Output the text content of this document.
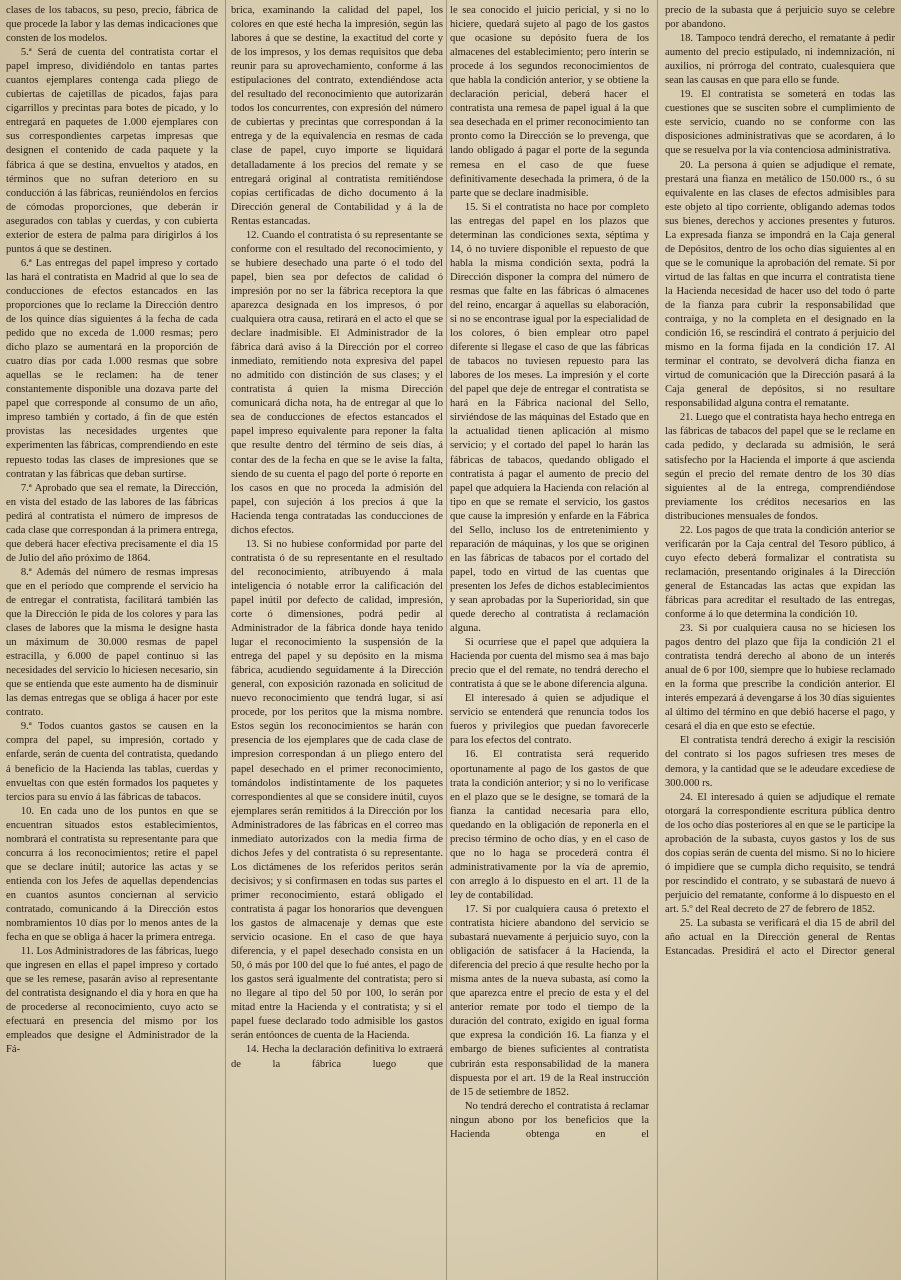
clases de los tabacos, su peso, precio, fábrica de que procede la labor y las demas indicaciones que consten de los modelos.

5.ª Será de cuenta del contratista cortar el papel impreso, dividiéndolo en tantas partes cuantos ejemplares contenga cada pliego de cubiertas de cajetillas de picados, fajas para cigarrillos y precintas para botes de picado, y lo entregará en paquetes de 1.000 ejemplares con sus correspondientes carpetas impresas que designen el contenido de cada paquete y la fábrica á que se destina, envueltos y atados, en términos que no sufran deterioro en su conducción á las fábricas, reuniéndolos en fercios de cómodas proporciones, que deberán ir asegurados con tablas y cuerdas, y con cubierta exterior de estera de palma para dirigirlos á los puntos á que se destinen.

6.ª Las entregas del papel impreso y cortado las hará el contratista en Madrid al que lo sea de conducciones de efectos estancados en las proporciones que lo reclame la Dirección dentro de los quince días siguientes á la fecha de cada pedido que no exceda de 1.000 resmas; pero dicho plazo se aumentará en la proporción de cuatro días por cada 1.000 resmas que sobre aquellas se le reclamen: ha de tener constantemente disponible una dozava parte del papel que corresponde al consumo de un año, impreso también y cortado, á fin de que estén provistas las necesidades urgentes que experimenten las fábricas, comprendiendo en este repuesto todas las clases de impresiones que se contratan y las fábricas que deban surtirse.

7.ª Aprobado que sea el remate, la Dirección, en vista del estado de las labores de las fábricas pedirá al contratista el número de impresos de cada clase que correspondan á la primera entrega, que deberá hacer efectiva precisamente el dia 15 de Julio del año próximo de 1864.

8.ª Además del número de resmas impresas que en el período que comprende el servicio ha de entregar el contratista, facilitará también las que la Dirección le pida de los colores y para las clases de labores que la misma le designe hasta un máximum de 30.000 resmas de papel estracilla, y 6.000 de papel continuo si las necesidades del servicio lo hiciesen necesario, sin que se entienda que este aumento ha de disminuir las demas entregas que se obliga á hacer por este contrato.

9.ª Todos cuantos gastos se causen en la compra del papel, su impresión, cortado y enfarde, serán de cuenta del contratista, quedando á beneficio de la Hacienda las tablas, cuerdas y envueltas con que estén formados los paquetes y tercios para su envío á las fábricas de tabacos.

10. En cada uno de los puntos en que se encuentran situados estos establecimientos, nombrará el contratista su representante para que concurra á los reconocimientos; retire el papel que se declare inútil; autorice las actas y se entienda con los Jefes de aquellas dependencias en cuantos asuntos conciernan al servicio contratado, comunicando á la Dirección estos nombramientos 10 días por lo menos antes de la fecha en que se obliga á hacer la primera entrega.

11. Los Administradores de las fábricas, luego que ingresen en ellas el papel impreso y cortado que se les remese, pasarán aviso al representante del contratista designando el dia y hora en que ha de procederse al reconocimiento, cuyo acto se efectuará en presencia del mismo por los empleados que designe el Administrador de la Fá-

brica, examinando la calidad del papel, los colores en que esté hecha la impresión, según las labores á que se destine, la exactitud del corte y de los impresos, y los demas requisitos que deba reunir para su aprovechamiento, conforme á las estipulaciones del contrato, extendiéndose acta del resultado del reconocimiento que autorizarán todos los concurrentes, con expresión del número de cubiertas y precintas que correspondan á la entrega y de la equivalencia en resmas de cada clase de papel, cuyo importe se liquidará detalladamente á los precios del remate y se entregará original al contratista remitiéndose copias certificadas de dicho documento á la Dirección general de Contabilidad y á la de Rentas estancadas.

12. Cuando el contratista ó su representante se conforme con el resultado del reconocimiento, y se hubiere desechado una parte ó el todo del papel, bien sea por defectos de calidad ó impresión por no ser la fábrica receptora la que aparezca designada en los impresos, ó por cualquiera otra causa, retirará en el acto el que se declare inadmisible. El Administrador de la fábrica dará aviso á la Dirección por el correo inmediato, remitiendo nota expresiva del papel no admitido con distinción de sus clases; y el contratista á quien la misma Dirección comunicará dicha nota, ha de entregar al que lo sea de conducciones de efectos estancados el papel impreso equivalente para reponer la falta que resulte dentro del término de seis días, á contar des de la fecha en que se le avise la falta, siendo de su cuenta el pago del porte ó reporte en los casos en que no proceda la admisión del papel, con sujeción á los precios á que la Hacienda tenga contratadas las conducciones de dichos efectos.

13. Si no hubiese conformidad por parte del contratista ó de su representante en el resultado del reconocimiento, atribuyendo á mala inteligencia ó notable error la calificación del papel inútil por defecto de calidad, impresión, corte ó dimensiones, podrá pedir al Administrador de la fábrica donde haya tenido lugar el reconocimiento la suspensión de la entrega del papel y su depósito en la misma fábrica, acudiendo seguidamente á la Dirección general, con exposición razonada en solicitud de nuevo reconocimiento que tendrá lugar, si así procede, por los peritos que la misma nombre. Estos según los reconocimientos se harán con presencia de los ejemplares que de cada clase de impresion correspondan á un pliego entero del papel desechado en el primer reconocimiento, tomándolos indistintamente de los paquetes correspondientes al que se considere inútil, cuyos ejemplares serán remitidos á la Dirección por los Administradores de las fábricas en el correo mas inmediato autorizados con la media firma de dichos Jefes y del contratista ó su representante. Los dictámenes de los referidos peritos serán decisivos; y si confirmasen en todas sus partes el primer reconocimiento, estará obligado el contratista á pagar los honorarios que devenguen los gastos de almacenaje y demas que este servicio ocasione. En el caso de que haya diferencia, y el papel desechado consista en un 50, ó más por 100 del que lo fué antes, el pago de los gastos será igualmente del contratista; pero si no llegare al tipo del 50 por 100, lo serán por mitad entre la Hacienda y el contratista; y si el papel fuese declarado todo admisible los gastos serán entóonces de cuenta de la Hacienda.

14. Hecha la declaración definitiva lo extraerá de la fábrica luego que

le sea conocido el juicio pericial, y si no lo hiciere, quedará sujeto al pago de los gastos que ocasione su depósito fuera de los almacenes del establecimiento; pero ínterin se procede á los segundos reconocimientos de que habla la condición anterior, y se obtiene la declaración pericial, deberá hacer el contratista una remesa de papel igual á la que sea desechada en el primer reconocimiento tan pronto como la Dirección se lo prevenga, que lando obligado á pagar el porte de la segunda remesa en el caso de que fuese definitivamente desechada la primera, ó de la parte que se declare inadmisible.

15. Si el contratista no hace por completo las entregas del papel en los plazos que determinan las condiciones sexta, séptima y 14, ó no tuviere disponible el repuesto de que habla la misma condición sexta, podrá la Dirección disponer la compra del número de resmas que falte en las fábricas ó almacenes del reino, encargar á aquellas su elaboración, si no se encontrase igual por la especialidad de los colores, ó bien emplear otro papel diferente si llegase el caso de que las fábricas de tabacos no tuviesen repuesto para las labores de los meses. La impresión y el corte del papel que deje de entregar el contratista se hará en la Fábrica nacional del Sello, sirviéndose de las máquinas del Estado que en la actualidad tienen aplicación al mismo servicio; y el cortado del papel lo harán las fábricas de tabacos, quedando obligado el contratista á pagar el aumento de precio del papel que adquiera la Hacienda con relación al tipo en que se remate el servicio, los gastos que cause la impresión y enfarde en la Fábrica del Sello, incluso los de entretenimiento y reparación de máquinas, y los que se originen en las fábricas de tabacos por el cortado del papel, todo en virtud de las cuentas que presenten los Jefes de dichos establecimientos y sean aprobadas por la Superioridad, sin que quede derecho al contratista á reclamación alguna.

Si ocurriese que el papel que adquiera la Hacienda por cuenta del mismo sea á mas bajo precio que el del remate, no tendrá derecho el contratista á que se le abone diferencia alguna.

El interesado á quien se adjudique el servicio se entenderá que renuncia todos los fueros y privilegios que puedan favorecerle para los efectos del contrato.

16. El contratista será requerido oportunamente al pago de los gastos de que trata la condición anterior; y si no lo verificase en el plazo que se le designe, se tomará de la fianza la cantidad necesaria para ello, quedando en la obligación de reponerla en el preciso término de ocho días, y en el caso de que no lo haga se procederá contra él administrativamente por la vía de apremio, con arreglo á lo dispuesto en el art. 11 de la ley de contabilidad.

17. Si por cualquiera causa ó pretexto el contratista hiciere abandono del servicio se subastará nuevamente á perjuicio suyo, con la obligación de satisfacer á la Hacienda, la diferencia del precio á que resulte hecho por la misma antes de la nueva subasta, así como la que aparezca entre el precio de esta y el del anterior remate por todo el tiempo de la duración del contrato, exigido en igual forma que expresa la condición 16. La fianza y el embargo de bienes suficientes al contratista cubrirán esta responsabilidad de la manera dispuesta por el art. 19 de la Real instrucción de 15 de setiembre de 1852.

No tendrá derecho el contratista á reclamar ningun abono por los beneficios que la Hacienda obtenga en el

precio de la subasta que á perjuicio suyo se celebre por abandono.

18. Tampoco tendrá derecho, el rematante á pedir aumento del precio estipulado, ni indemnización, ni auxilios, ni prórroga del contrato, cualesquiera que sean las causas en que para ello se funde.

19. El contratista se someterá en todas las cuestiones que se susciten sobre el cumplimiento de este servicio, cuando no se conforme con las disposiciones administrativas que se acordaren, á lo que se resuelva por la vía contenciosa administrativa.

20. La persona á quien se adjudique el remate, prestará una fianza en metálico de 150.000 rs., ó su equivalente en las clases de efectos admisibles para este objeto al tipo corriente, obligando ademas todos sus bienes, derechos y acciones presentes y futuros. La expresada fianza se impondrá en la Caja general de Depósitos, dentro de los ocho días siguientes al en que se le comunique la aprobación del remate. Si por virtud de las faltas en que incurra el contratista tiene la Hacienda necesidad de hacer uso del todo ó parte de la fianza para cubrir la responsabilidad que contraiga, y no la completa en el designado en la condición 16, se rescindirá el contrato á perjuicio del mismo en la forma fijada en la condición 17. Al terminar el contrato, se devolverá dicha fianza en virtud de comunicación que la Dirección pasará á la Caja general de depósitos, si no resultare responsabilidad alguna contra el rematante.

21. Luego que el contratista haya hecho entrega en las fábricas de tabacos del papel que se le reclame en cada pedido, y declarada su admisión, le será satisfecho por la Hacienda el importe á que ascienda según el precio del remate dentro de los 30 días siguientes al de la entrega, comprendiéndose previamente los créditos necesarios en las distribuciones mensuales de fondos.

22. Los pagos de que trata la condición anterior se verificarán por la Caja central del Tesoro público, á cuyo efecto deberá formalizar el contratista su reclamación, presentando originales á la Dirección general de Estancadas las actas que expidan las fábricas para acreditar el resultado de las entregas, conforme á lo que determina la condición 10.

23. Si por cualquiera causa no se hiciesen los pagos dentro del plazo que fija la condición 21 el contratista tendrá derecho al abono de un interés anual de 6 por 100, siempre que lo hubiese reclamado en la forma que prescribe la condición anterior. El interés empezará á devengarse á los 30 días siguientes al último del término en que debió hacerse el pago, y cesará el dia en que esto se efectúe.

El contratista tendrá derecho á exigir la rescisión del contrato si los pagos sufriesen tres meses de demora, y la cantidad que se le adeudare excediese de 300.000 rs.

24. El interesado á quien se adjudique el remate otorgará la correspondiente escritura pública dentro de los ocho días posteriores al en que se le participe la aprobación de la subasta, cuyos gastos y los de sus dos copias serán de cuenta del mismo. Si no lo hiciere ó impidiere que se cumpla dicho requisito, se tendrá por rescindido el contrato, y se subastará de nuevo á perjuicio del rematante, conforme á lo dispuesto en el art. 5.º del Real decreto de 27 de febrero de 1852.

25. La subasta se verificará el dia 15 de abril del año actual en la Dirección general de Rentas Estancadas. Presidirá el acto el Director general
